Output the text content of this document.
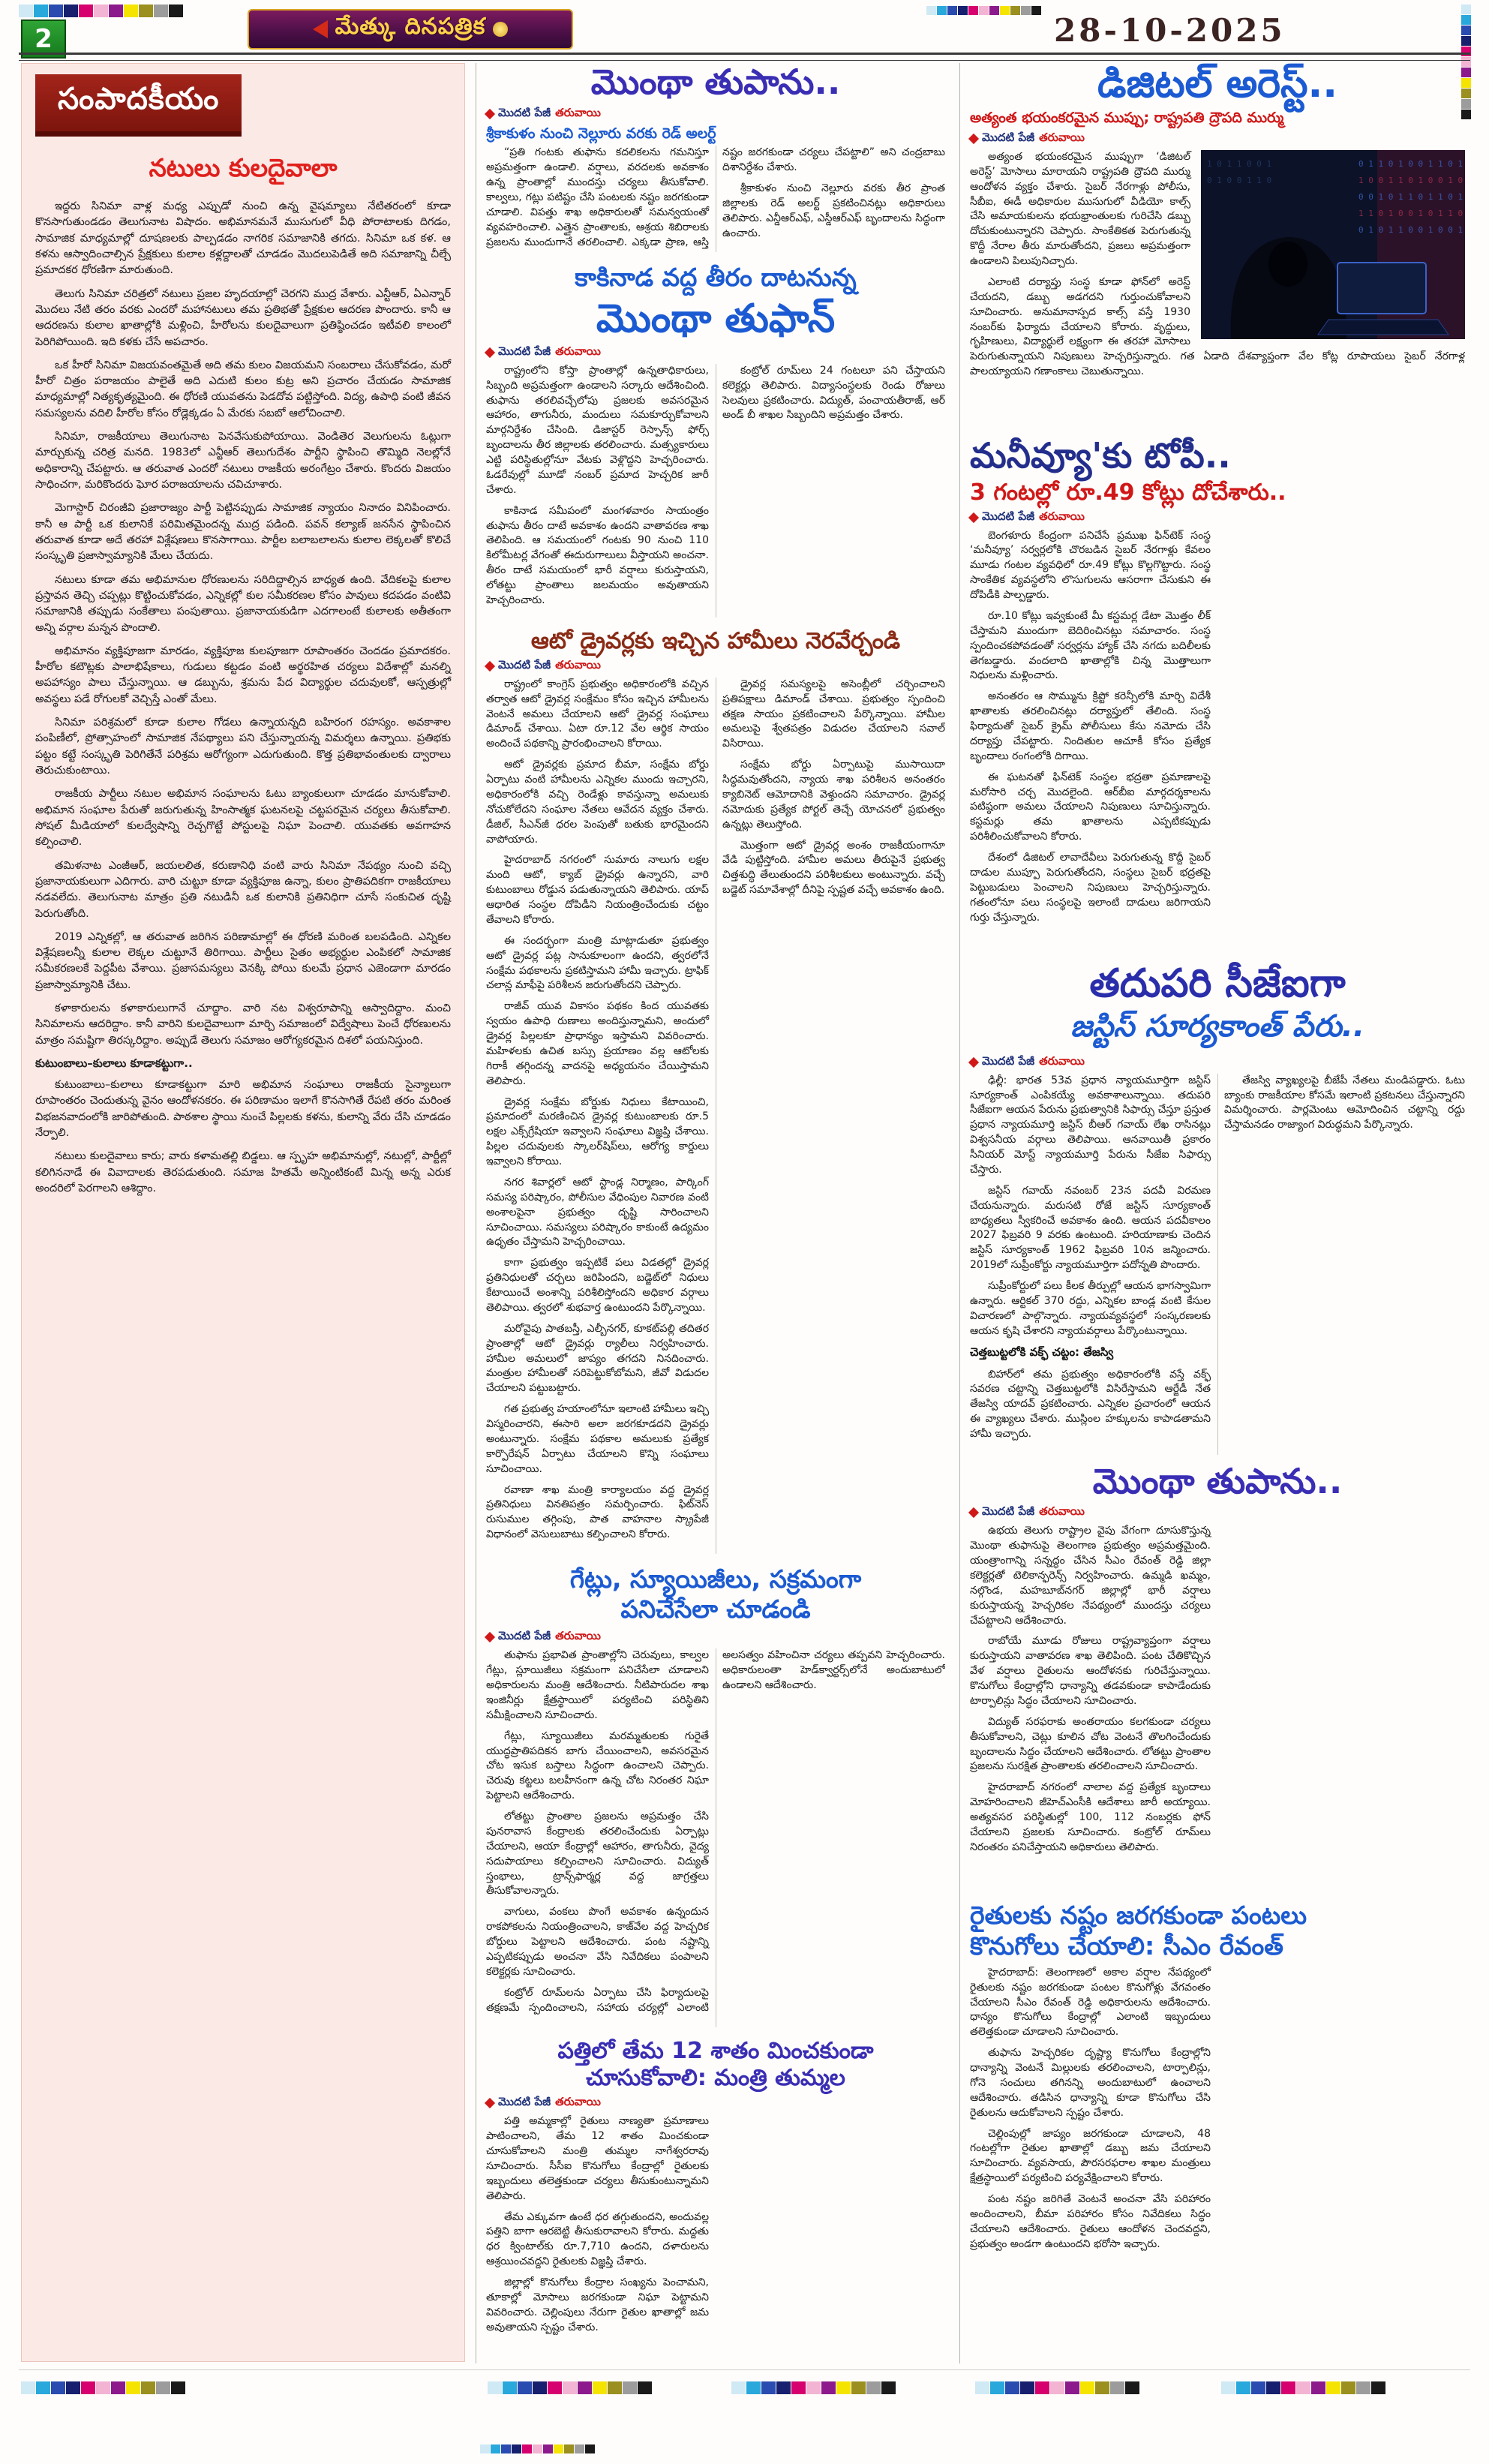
2	మేత్కు దినపత్రిక	28-10-2025
సంపాదకీయం
నటులు కులదైవాలా

ఇద్దరు సినిమా వాళ్ల మధ్య ఎప్పుడో నుంచి ఉన్న వైషమ్యాలు నేటితరంలో కూడా కొనసాగుతుండడం తెలుగునాట విషాదం. అభిమానమనే ముసుగులో వీధి పోరాటాలకు దిగడం, సామాజిక మాధ్యమాల్లో దూషణలకు పాల్పడడం నాగరిక సమాజానికి తగదు. సినిమా ఒక కళ. ఆ కళను ఆస్వాదించాల్సిన ప్రేక్షకులు కులాల కళ్లద్దాలతో చూడడం మొదలుపెడితే అది సమాజాన్ని చీల్చే ప్రమాదకర ధోరణిగా మారుతుంది.

తెలుగు సినిమా చరిత్రలో నటులు ప్రజల హృదయాల్లో చెరగని ముద్ర వేశారు. ఎన్టీఆర్, ఏఎన్నార్ మొదలు నేటి తరం వరకు ఎందరో మహానటులు తమ ప్రతిభతో ప్రేక్షకుల ఆదరణ పొందారు. కానీ ఆ ఆదరణను కులాల ఖాతాల్లోకి మళ్లించి, హీరోలను కులదైవాలుగా ప్రతిష్ఠించడం ఇటీవలి కాలంలో పెరిగిపోయింది. ఇది కళకు చేసే అపచారం.

ఒక హీరో సినిమా విజయవంతమైతే అది తమ కులం విజయమని సంబరాలు చేసుకోవడం, మరో హీరో చిత్రం పరాజయం పాలైతే అది ఎదుటి కులం కుట్ర అని ప్రచారం చేయడం సామాజిక మాధ్యమాల్లో నిత్యకృత్యమైంది. ఈ ధోరణి యువతను పెడదోవ పట్టిస్తోంది. విద్య, ఉపాధి వంటి జీవన సమస్యలను వదిలి హీరోల కోసం రోడ్లెక్కడం ఏ మేరకు సబబో ఆలోచించాలి.

సినిమా, రాజకీయాలు తెలుగునాట పెనవేసుకుపోయాయి. వెండితెర వెలుగులను ఓట్లుగా మార్చుకున్న చరిత్ర మనది. 1983లో ఎన్టీఆర్ తెలుగుదేశం పార్టీని స్థాపించి తొమ్మిది నెలల్లోనే అధికారాన్ని చేపట్టారు. ఆ తరువాత ఎందరో నటులు రాజకీయ అరంగేట్రం చేశారు. కొందరు విజయం సాధించగా, మరికొందరు ఘోర పరాజయాలను చవిచూశారు.

మెగాస్టార్ చిరంజీవి ప్రజారాజ్యం పార్టీ పెట్టినప్పుడు సామాజిక న్యాయం నినాదం వినిపించారు. కానీ ఆ పార్టీ ఒక కులానికే పరిమితమైందన్న ముద్ర పడింది. పవన్ కల్యాణ్ జనసేన స్థాపించిన తరువాత కూడా అదే తరహా విశ్లేషణలు కొనసాగాయి. పార్టీల బలాబలాలను కులాల లెక్కలతో కొలిచే సంస్కృతి ప్రజాస్వామ్యానికి మేలు చేయదు.

నటులు కూడా తమ అభిమానుల ధోరణులను సరిదిద్దాల్సిన బాధ్యత ఉంది. వేదికలపై కులాల ప్రస్తావన తెచ్చి చప్పట్లు కొట్టించుకోవడం, ఎన్నికల్లో కుల సమీకరణల కోసం పావులు కదపడం వంటివి సమాజానికి తప్పుడు సంకేతాలు పంపుతాయి. ప్రజానాయకుడిగా ఎదగాలంటే కులాలకు అతీతంగా అన్ని వర్గాల మన్నన పొందాలి.

అభిమానం వ్యక్తిపూజగా మారడం, వ్యక్తిపూజ కులపూజగా రూపాంతరం చెందడం ప్రమాదకరం. హీరోల కటౌట్లకు పాలాభిషేకాలు, గుడులు కట్టడం వంటి అర్థరహిత చర్యలు విదేశాల్లో మనల్ని అపహాస్యం పాలు చేస్తున్నాయి. ఆ డబ్బును, శ్రమను పేద విద్యార్థుల చదువులకో, ఆస్పత్రుల్లో అవస్థలు పడే రోగులకో వెచ్చిస్తే ఎంతో మేలు.

సినిమా పరిశ్రమలో కూడా కులాల గోడలు ఉన్నాయన్నది బహిరంగ రహస్యం. అవకాశాల పంపిణీలో, ప్రోత్సాహంలో సామాజిక నేపథ్యాలు పని చేస్తున్నాయన్న విమర్శలు ఉన్నాయి. ప్రతిభకు పట్టం కట్టే సంస్కృతి పెరిగితేనే పరిశ్రమ ఆరోగ్యంగా ఎదుగుతుంది. కొత్త ప్రతిభావంతులకు ద్వారాలు తెరుచుకుంటాయి.

రాజకీయ పార్టీలు నటుల అభిమాన సంఘాలను ఓటు బ్యాంకులుగా చూడడం మానుకోవాలి. అభిమాన సంఘాల పేరుతో జరుగుతున్న హింసాత్మక ఘటనలపై చట్టపరమైన చర్యలు తీసుకోవాలి. సోషల్ మీడియాలో కులద్వేషాన్ని రెచ్చగొట్టే పోస్టులపై నిఘా పెంచాలి. యువతకు అవగాహన కల్పించాలి.

తమిళనాట ఎంజీఆర్, జయలలిత, కరుణానిధి వంటి వారు సినిమా నేపథ్యం నుంచి వచ్చి ప్రజానాయకులుగా ఎదిగారు. వారి చుట్టూ కూడా వ్యక్తిపూజ ఉన్నా, కులం ప్రాతిపదికగా రాజకీయాలు నడవలేదు. తెలుగునాట మాత్రం ప్రతి నటుడినీ ఒక కులానికి ప్రతినిధిగా చూసే సంకుచిత దృష్టి పెరుగుతోంది.

2019 ఎన్నికల్లో, ఆ తరువాత జరిగిన పరిణామాల్లో ఈ ధోరణి మరింత బలపడింది. ఎన్నికల విశ్లేషణలన్నీ కులాల లెక్కల చుట్టూనే తిరిగాయి. పార్టీలు సైతం అభ్యర్థుల ఎంపికలో సామాజిక సమీకరణలకే పెద్దపీట వేశాయి. ప్రజాసమస్యలు వెనక్కి పోయి కులమే ప్రధాన ఎజెండాగా మారడం ప్రజాస్వామ్యానికి చేటు.

కళాకారులను కళాకారులుగానే చూద్దాం. వారి నట విశ్వరూపాన్ని ఆస్వాదిద్దాం. మంచి సినిమాలను ఆదరిద్దాం. కానీ వారిని కులదైవాలుగా మార్చి సమాజంలో విద్వేషాలు పెంచే ధోరణులను మాత్రం సమష్టిగా తిరస్కరిద్దాం. అప్పుడే తెలుగు సమాజం ఆరోగ్యకరమైన దిశలో పయనిస్తుంది.

కుటుంబాలు–కులాలు కూడాకట్టుగా..

కుటుంబాలు–కులాలు కూడాకట్టుగా మారి అభిమాన సంఘాలు రాజకీయ సైన్యాలుగా రూపాంతరం చెందుతున్న వైనం ఆందోళనకరం. ఈ పరిణామం ఇలాగే కొనసాగితే రేపటి తరం మరింత విభజనవాదంలోకి జారిపోతుంది. పాఠశాల స్థాయి నుంచే పిల్లలకు కళను, కులాన్ని వేరు చేసి చూడడం నేర్పాలి.

నటులు కులదైవాలు కారు; వారు కళామతల్లి బిడ్డలు. ఆ స్పృహ అభిమానుల్లో, నటుల్లో, పార్టీల్లో కలిగిననాడే ఈ వివాదాలకు తెరపడుతుంది. సమాజ హితమే అన్నింటికంటే మిన్న అన్న ఎరుక అందరిలో పెరగాలని ఆశిద్దాం.

మొంథా తుపాను..
మొదటి పేజీ తరువాయి
శ్రీకాకుళం నుంచి నెల్లూరు వరకు రెడ్ అలర్ట్

“ప్రతి గంటకు తుఫాను కదలికలను గమనిస్తూ అప్రమత్తంగా ఉండాలి. వర్షాలు, వరదలకు అవకాశం ఉన్న ప్రాంతాల్లో ముందస్తు చర్యలు తీసుకోవాలి. కాల్వలు, గట్లు పటిష్టం చేసి పంటలకు నష్టం జరగకుండా చూడాలి. విపత్తు శాఖ అధికారులతో సమన్వయంతో వ్యవహరించాలి. ఎత్తైన ప్రాంతాలకు, ఆశ్రయ శిబిరాలకు ప్రజలను ముందుగానే తరలించాలి. ఎక్కడా ప్రాణ, ఆస్తి నష్టం జరగకుండా చర్యలు చేపట్టాలి” అని చంద్రబాబు దిశానిర్దేశం చేశారు.

శ్రీకాకుళం నుంచి నెల్లూరు వరకు తీర ప్రాంత జిల్లాలకు రెడ్ అలర్ట్ ప్రకటించినట్లు అధికారులు తెలిపారు. ఎన్డీఆర్ఎఫ్, ఎస్డీఆర్ఎఫ్ బృందాలను సిద్ధంగా ఉంచారు.

కాకినాడ వద్ద తీరం దాటనున్న
మొంథా తుఫాన్
మొదటి పేజీ తరువాయి

రాష్ట్రంలోని కోస్తా ప్రాంతాల్లో ఉన్నతాధికారులు, సిబ్బంది అప్రమత్తంగా ఉండాలని సర్కారు ఆదేశించింది. తుఫాను తరలివచ్చేలోపు ప్రజలకు అవసరమైన ఆహారం, తాగునీరు, మందులు సమకూర్చుకోవాలని మార్గనిర్దేశం చేసింది. డిజాస్టర్ రెస్పాన్స్ ఫోర్స్ బృందాలను తీర జిల్లాలకు తరలించారు. మత్స్యకారులు ఎట్టి పరిస్థితుల్లోనూ వేటకు వెళ్లొద్దని హెచ్చరించారు. ఓడరేవుల్లో మూడో నంబర్ ప్రమాద హెచ్చరిక జారీ చేశారు.

కాకినాడ సమీపంలో మంగళవారం సాయంత్రం తుఫాను తీరం దాటే అవకాశం ఉందని వాతావరణ శాఖ తెలిపింది. ఆ సమయంలో గంటకు 90 నుంచి 110 కిలోమీటర్ల వేగంతో ఈదురుగాలులు వీస్తాయని అంచనా. తీరం దాటే సమయంలో భారీ వర్షాలు కురుస్తాయని, లోతట్టు ప్రాంతాలు జలమయం అవుతాయని హెచ్చరించారు.

కంట్రోల్ రూమ్‌లు 24 గంటలూ పని చేస్తాయని కలెక్టర్లు తెలిపారు. విద్యాసంస్థలకు రెండు రోజులు సెలవులు ప్రకటించారు. విద్యుత్, పంచాయతీరాజ్, ఆర్ అండ్ బీ శాఖల సిబ్బందిని అప్రమత్తం చేశారు.

ఆటో డ్రైవర్లకు ఇచ్చిన హామీలు నెరవేర్చండి
మొదటి పేజీ తరువాయి

రాష్ట్రంలో కాంగ్రెస్ ప్రభుత్వం అధికారంలోకి వచ్చిన తర్వాత ఆటో డ్రైవర్ల సంక్షేమం కోసం ఇచ్చిన హామీలను వెంటనే అమలు చేయాలని ఆటో డ్రైవర్ల సంఘాలు డిమాండ్ చేశాయి. ఏటా రూ.12 వేల ఆర్థిక సాయం అందించే పథకాన్ని ప్రారంభించాలని కోరాయి.

ఆటో డ్రైవర్లకు ప్రమాద బీమా, సంక్షేమ బోర్డు ఏర్పాటు వంటి హామీలను ఎన్నికల ముందు ఇచ్చారని, అధికారంలోకి వచ్చి రెండేళ్లు కావస్తున్నా అమలుకు నోచుకోలేదని సంఘాల నేతలు ఆవేదన వ్యక్తం చేశారు. డీజిల్, సీఎన్‌జీ ధరల పెంపుతో బతుకు భారమైందని వాపోయారు.

హైదరాబాద్ నగరంలో సుమారు నాలుగు లక్షల మంది ఆటో, క్యాబ్ డ్రైవర్లు ఉన్నారని, వారి కుటుంబాలు రోడ్డున పడుతున్నాయని తెలిపారు. యాప్ ఆధారిత సంస్థల దోపిడీని నియంత్రించేందుకు చట్టం తేవాలని కోరారు.

ఈ సందర్భంగా మంత్రి మాట్లాడుతూ ప్రభుత్వం ఆటో డ్రైవర్ల పట్ల సానుకూలంగా ఉందని, త్వరలోనే సంక్షేమ పథకాలను ప్రకటిస్తామని హామీ ఇచ్చారు. ట్రాఫిక్ చలాన్ల మాఫీపై పరిశీలన జరుగుతోందని చెప్పారు.

రాజీవ్ యువ వికాసం పథకం కింద యువతకు స్వయం ఉపాధి రుణాలు అందిస్తున్నామని, అందులో డ్రైవర్ల పిల్లలకూ ప్రాధాన్యం ఇస్తామని వివరించారు. మహిళలకు ఉచిత బస్సు ప్రయాణం వల్ల ఆటోలకు గిరాకీ తగ్గిందన్న వాదనపై అధ్యయనం చేయిస్తామని తెలిపారు.

డ్రైవర్ల సంక్షేమ బోర్డుకు నిధులు కేటాయించి, ప్రమాదంలో మరణించిన డ్రైవర్ల కుటుంబాలకు రూ.5 లక్షల ఎక్స్‌గ్రేషియా ఇవ్వాలని సంఘాలు విజ్ఞప్తి చేశాయి. పిల్లల చదువులకు స్కాలర్‌షిప్‌లు, ఆరోగ్య కార్డులు ఇవ్వాలని కోరాయి.

నగర శివార్లలో ఆటో స్టాండ్ల నిర్మాణం, పార్కింగ్ సమస్య పరిష్కారం, పోలీసుల వేధింపుల నివారణ వంటి అంశాలపైనా ప్రభుత్వం దృష్టి సారించాలని సూచించాయి. సమస్యలు పరిష్కారం కాకుంటే ఉద్యమం ఉధృతం చేస్తామని హెచ్చరించాయి.

కాగా ప్రభుత్వం ఇప్పటికే పలు విడతల్లో డ్రైవర్ల ప్రతినిధులతో చర్చలు జరిపిందని, బడ్జెట్‌లో నిధులు కేటాయించే అంశాన్ని పరిశీలిస్తోందని అధికార వర్గాలు తెలిపాయి. త్వరలో శుభవార్త ఉంటుందని పేర్కొన్నాయి.

మరోవైపు పాతబస్తీ, ఎల్బీనగర్, కూకట్‌పల్లి తదితర ప్రాంతాల్లో ఆటో డ్రైవర్లు ర్యాలీలు నిర్వహించారు. హామీల అమలులో జాప్యం తగదని నినదించారు. మంత్రుల హామీలతో సరిపెట్టుకోబోమని, జీవో విడుదల చేయాలని పట్టుబట్టారు.

గత ప్రభుత్వ హయాంలోనూ ఇలాంటి హామీలు ఇచ్చి విస్మరించారని, ఈసారి అలా జరగకూడదని డ్రైవర్లు అంటున్నారు. సంక్షేమ పథకాల అమలుకు ప్రత్యేక కార్పొరేషన్ ఏర్పాటు చేయాలని కొన్ని సంఘాలు సూచించాయి.

రవాణా శాఖ మంత్రి కార్యాలయం వద్ద డ్రైవర్ల ప్రతినిధులు వినతిపత్రం సమర్పించారు. ఫిట్‌నెస్ రుసుముల తగ్గింపు, పాత వాహనాల స్క్రాపేజీ విధానంలో వెసులుబాటు కల్పించాలని కోరారు.

డ్రైవర్ల సమస్యలపై అసెంబ్లీలో చర్చించాలని ప్రతిపక్షాలు డిమాండ్ చేశాయి. ప్రభుత్వం స్పందించి తక్షణ సాయం ప్రకటించాలని పేర్కొన్నాయి. హామీల అమలుపై శ్వేతపత్రం విడుదల చేయాలని సవాల్ విసిరాయి.

సంక్షేమ బోర్డు ఏర్పాటుపై ముసాయిదా సిద్ధమవుతోందని, న్యాయ శాఖ పరిశీలన అనంతరం క్యాబినెట్ ఆమోదానికి వెళ్తుందని సమాచారం. డ్రైవర్ల నమోదుకు ప్రత్యేక పోర్టల్ తెచ్చే యోచనలో ప్రభుత్వం ఉన్నట్లు తెలుస్తోంది.

మొత్తంగా ఆటో డ్రైవర్ల అంశం రాజకీయంగానూ వేడి పుట్టిస్తోంది. హామీల అమలు తీరుపైనే ప్రభుత్వ చిత్తశుద్ధి తేలుతుందని పరిశీలకులు అంటున్నారు. వచ్చే బడ్జెట్ సమావేశాల్లో దీనిపై స్పష్టత వచ్చే అవకాశం ఉంది.

గేట్లు, స్యూయిజీలు, సక్రమంగా
పనిచేసేలా చూడండి
మొదటి పేజీ తరువాయి

తుఫాను ప్రభావిత ప్రాంతాల్లోని చెరువులు, కాల్వల గేట్లు, స్లూయిజీలు సక్రమంగా పనిచేసేలా చూడాలని అధికారులను మంత్రి ఆదేశించారు. నీటిపారుదల శాఖ ఇంజినీర్లు క్షేత్రస్థాయిలో పర్యటించి పరిస్థితిని సమీక్షించాలని సూచించారు.

గేట్లు, స్యూయిజీలు మరమ్మతులకు గురైతే యుద్ధప్రాతిపదికన బాగు చేయించాలని, అవసరమైన చోట ఇసుక బస్తాలు సిద్ధంగా ఉంచాలని చెప్పారు. చెరువు కట్టలు బలహీనంగా ఉన్న చోట నిరంతర నిఘా పెట్టాలని ఆదేశించారు.

లోతట్టు ప్రాంతాల ప్రజలను అప్రమత్తం చేసి పునరావాస కేంద్రాలకు తరలించేందుకు ఏర్పాట్లు చేయాలని, ఆయా కేంద్రాల్లో ఆహారం, తాగునీరు, వైద్య సదుపాయాలు కల్పించాలని సూచించారు. విద్యుత్ స్తంభాలు, ట్రాన్స్‌ఫార్మర్ల వద్ద జాగ్రత్తలు తీసుకోవాలన్నారు.

వాగులు, వంకలు పొంగే అవకాశం ఉన్నందున రాకపోకలను నియంత్రించాలని, కాజ్‌వేల వద్ద హెచ్చరిక బోర్డులు పెట్టాలని ఆదేశించారు. పంట నష్టాన్ని ఎప్పటికప్పుడు అంచనా వేసి నివేదికలు పంపాలని కలెక్టర్లకు సూచించారు.

కంట్రోల్ రూమ్‌లను ఏర్పాటు చేసి ఫిర్యాదులపై తక్షణమే స్పందించాలని, సహాయ చర్యల్లో ఎలాంటి అలసత్వం వహించినా చర్యలు తప్పవని హెచ్చరించారు. అధికారులంతా హెడ్‌క్వార్టర్స్‌లోనే అందుబాటులో ఉండాలని ఆదేశించారు.

పత్తిలో తేమ 12 శాతం మించకుండా
చూసుకోవాలి: మంత్రి తుమ్మల
మొదటి పేజీ తరువాయి

పత్తి అమ్మకాల్లో రైతులు నాణ్యతా ప్రమాణాలు పాటించాలని, తేమ 12 శాతం మించకుండా చూసుకోవాలని మంత్రి తుమ్మల నాగేశ్వరరావు సూచించారు. సీసీఐ కొనుగోలు కేంద్రాల్లో రైతులకు ఇబ్బందులు తలెత్తకుండా చర్యలు తీసుకుంటున్నామని తెలిపారు.

తేమ ఎక్కువగా ఉంటే ధర తగ్గుతుందని, అందువల్ల పత్తిని బాగా ఆరబెట్టి తీసుకురావాలని కోరారు. మద్దతు ధర క్వింటాల్‌కు రూ.7,710 ఉందని, దళారులను ఆశ్రయించవద్దని రైతులకు విజ్ఞప్తి చేశారు.

జిల్లాల్లో కొనుగోలు కేంద్రాల సంఖ్యను పెంచామని, తూకాల్లో మోసాలు జరగకుండా నిఘా పెట్టామని వివరించారు. చెల్లింపులు నేరుగా రైతుల ఖాతాల్లో జమ అవుతాయని స్పష్టం చేశారు.

డిజిటల్ అరెస్ట్..
అత్యంత భయంకరమైన ముప్పు; రాష్ట్రపతి ద్రౌపది ముర్ము
మొదటి పేజీ తరువాయి
0 1 1 0 1 0 0 1 1 0 1
1 0 0 1 1 0 1 0 0 1 0
0 0 1 0 1 1 0 1 1 0 1
1 1 0 1 0 0 1 0 1 1 0
0 1 0 1 1 0 0 1 0 0 1
1 0 1 1 0 0 1
0 1 0 0 1 1 0

అత్యంత భయంకరమైన ముప్పుగా ‘డిజిటల్ అరెస్ట్’ మోసాలు మారాయని రాష్ట్రపతి ద్రౌపది ముర్ము ఆందోళన వ్యక్తం చేశారు. సైబర్ నేరగాళ్లు పోలీసు, సీబీఐ, ఈడీ అధికారుల ముసుగులో వీడియో కాల్స్ చేసి అమాయకులను భయభ్రాంతులకు గురిచేసి డబ్బు దోచుకుంటున్నారని చెప్పారు. సాంకేతికత పెరుగుతున్న కొద్దీ నేరాల తీరు మారుతోందని, ప్రజలు అప్రమత్తంగా ఉండాలని పిలుపునిచ్చారు.

ఎలాంటి దర్యాప్తు సంస్థ కూడా ఫోన్‌లో అరెస్ట్ చేయదని, డబ్బు అడగదని గుర్తుంచుకోవాలని సూచించారు. అనుమానాస్పద కాల్స్ వస్తే 1930 నంబర్‌కు ఫిర్యాదు చేయాలని కోరారు. వృద్ధులు, గృహిణులు, విద్యార్థులే లక్ష్యంగా ఈ తరహా మోసాలు పెరుగుతున్నాయని నిపుణులు హెచ్చరిస్తున్నారు. గత ఏడాది దేశవ్యాప్తంగా వేల కోట్ల రూపాయలు సైబర్ నేరగాళ్ల పాలయ్యాయని గణాంకాలు చెబుతున్నాయి.

మనీవ్యూ'కు టోపీ..
3 గంటల్లో రూ.49 కోట్లు దోచేశారు..
మొదటి పేజీ తరువాయి

బెంగళూరు కేంద్రంగా పనిచేసే ప్రముఖ ఫిన్‌టెక్ సంస్థ ‘మనీవ్యూ’ సర్వర్లలోకి చొరబడిన సైబర్ నేరగాళ్లు కేవలం మూడు గంటల వ్యవధిలో రూ.49 కోట్లు కొల్లగొట్టారు. సంస్థ సాంకేతిక వ్యవస్థలోని లొసుగులను ఆసరాగా చేసుకుని ఈ దోపిడీకి పాల్పడ్డారు.

రూ.10 కోట్లు ఇవ్వకుంటే మీ కస్టమర్ల డేటా మొత్తం లీక్ చేస్తామని ముందుగా బెదిరించినట్లు సమాచారం. సంస్థ స్పందించకపోవడంతో సర్వర్లను హ్యాక్ చేసి నగదు బదిలీలకు తెగబడ్డారు. వందలాది ఖాతాల్లోకి చిన్న మొత్తాలుగా నిధులను మళ్లించారు.

అనంతరం ఆ సొమ్మును క్రిప్టో కరెన్సీలోకి మార్చి విదేశీ ఖాతాలకు తరలించినట్లు దర్యాప్తులో తేలింది. సంస్థ ఫిర్యాదుతో సైబర్ క్రైమ్ పోలీసులు కేసు నమోదు చేసి దర్యాప్తు చేపట్టారు. నిందితుల ఆచూకీ కోసం ప్రత్యేక బృందాలు రంగంలోకి దిగాయి.

ఈ ఘటనతో ఫిన్‌టెక్ సంస్థల భద్రతా ప్రమాణాలపై మరోసారి చర్చ మొదలైంది. ఆర్‌బీఐ మార్గదర్శకాలను పటిష్ఠంగా అమలు చేయాలని నిపుణులు సూచిస్తున్నారు. కస్టమర్లు తమ ఖాతాలను ఎప్పటికప్పుడు పరిశీలించుకోవాలని కోరారు.

దేశంలో డిజిటల్ లావాదేవీలు పెరుగుతున్న కొద్దీ సైబర్ దాడుల ముప్పూ పెరుగుతోందని, సంస్థలు సైబర్ భద్రతపై పెట్టుబడులు పెంచాలని నిపుణులు హెచ్చరిస్తున్నారు. గతంలోనూ పలు సంస్థలపై ఇలాంటి దాడులు జరిగాయని గుర్తు చేస్తున్నారు.

తదుపరి సీజేఐగా
జస్టిస్ సూర్యకాంత్ పేరు..
మొదటి పేజీ తరువాయి

ఢిల్లీ: భారత 53వ ప్రధాన న్యాయమూర్తిగా జస్టిస్ సూర్యకాంత్ ఎంపికయ్యే అవకాశాలున్నాయి. తదుపరి సీజేఐగా ఆయన పేరును ప్రభుత్వానికి సిఫార్సు చేస్తూ ప్రస్తుత ప్రధాన న్యాయమూర్తి జస్టిస్ బీఆర్ గవాయ్ లేఖ రాసినట్లు విశ్వసనీయ వర్గాలు తెలిపాయి. ఆనవాయితీ ప్రకారం సీనియర్ మోస్ట్ న్యాయమూర్తి పేరును సీజేఐ సిఫార్సు చేస్తారు.

జస్టిస్ గవాయ్ నవంబర్ 23న పదవీ విరమణ చేయనున్నారు. మరుసటి రోజే జస్టిస్ సూర్యకాంత్ బాధ్యతలు స్వీకరించే అవకాశం ఉంది. ఆయన పదవీకాలం 2027 ఫిబ్రవరి 9 వరకు ఉంటుంది. హరియాణాకు చెందిన జస్టిస్ సూర్యకాంత్ 1962 ఫిబ్రవరి 10న జన్మించారు. 2019లో సుప్రీంకోర్టు న్యాయమూర్తిగా పదోన్నతి పొందారు.

సుప్రీంకోర్టులో పలు కీలక తీర్పుల్లో ఆయన భాగస్వామిగా ఉన్నారు. ఆర్టికల్ 370 రద్దు, ఎన్నికల బాండ్ల వంటి కేసుల విచారణలో పాల్గొన్నారు. న్యాయవ్యవస్థలో సంస్కరణలకు ఆయన కృషి చేశారని న్యాయవర్గాలు పేర్కొంటున్నాయి.

చెత్తబుట్టలోకి వక్ఫ్ చట్టం: తేజస్వి

బిహార్‌లో తమ ప్రభుత్వం అధికారంలోకి వస్తే వక్ఫ్ సవరణ చట్టాన్ని చెత్తబుట్టలోకి విసిరేస్తామని ఆర్జేడీ నేత తేజస్వి యాదవ్ ప్రకటించారు. ఎన్నికల ప్రచారంలో ఆయన ఈ వ్యాఖ్యలు చేశారు. ముస్లింల హక్కులను కాపాడతామని హామీ ఇచ్చారు.

తేజస్వి వ్యాఖ్యలపై బీజేపీ నేతలు మండిపడ్డారు. ఓటు బ్యాంకు రాజకీయాల కోసమే ఇలాంటి ప్రకటనలు చేస్తున్నారని విమర్శించారు. పార్లమెంటు ఆమోదించిన చట్టాన్ని రద్దు చేస్తామనడం రాజ్యాంగ విరుద్ధమని పేర్కొన్నారు.

మొంథా తుపాను..
మొదటి పేజీ తరువాయి

ఉభయ తెలుగు రాష్ట్రాల వైపు వేగంగా దూసుకొస్తున్న మొంథా తుఫానుపై తెలంగాణ ప్రభుత్వం అప్రమత్తమైంది. యంత్రాంగాన్ని సన్నద్ధం చేసిన సీఎం రేవంత్ రెడ్డి జిల్లా కలెక్టర్లతో టెలికాన్ఫరెన్స్ నిర్వహించారు. ఉమ్మడి ఖమ్మం, నల్గొండ, మహబూబ్‌నగర్ జిల్లాల్లో భారీ వర్షాలు కురుస్తాయన్న హెచ్చరికల నేపథ్యంలో ముందస్తు చర్యలు చేపట్టాలని ఆదేశించారు.

రాబోయే మూడు రోజులు రాష్ట్రవ్యాప్తంగా వర్షాలు కురుస్తాయని వాతావరణ శాఖ తెలిపింది. పంట చేతికొచ్చిన వేళ వర్షాలు రైతులను ఆందోళనకు గురిచేస్తున్నాయి. కొనుగోలు కేంద్రాల్లోని ధాన్యాన్ని తడవకుండా కాపాడేందుకు టార్పాలిన్లు సిద్ధం చేయాలని సూచించారు.

విద్యుత్ సరఫరాకు అంతరాయం కలగకుండా చర్యలు తీసుకోవాలని, చెట్లు కూలిన చోట వెంటనే తొలగించేందుకు బృందాలను సిద్ధం చేయాలని ఆదేశించారు. లోతట్టు ప్రాంతాల ప్రజలను సురక్షిత ప్రాంతాలకు తరలించాలని సూచించారు.

హైదరాబాద్ నగరంలో నాలాల వద్ద ప్రత్యేక బృందాలు మోహరించాలని జీహెచ్ఎంసీకి ఆదేశాలు జారీ అయ్యాయి. అత్యవసర పరిస్థితుల్లో 100, 112 నంబర్లకు ఫోన్ చేయాలని ప్రజలకు సూచించారు. కంట్రోల్ రూమ్‌లు నిరంతరం పనిచేస్తాయని అధికారులు తెలిపారు.

రైతులకు నష్టం జరగకుండా పంటలు
కొనుగోలు చేయాలి: సీఎం రేవంత్

హైదరాబాద్: తెలంగాణలో అకాల వర్షాల నేపథ్యంలో రైతులకు నష్టం జరగకుండా పంటల కొనుగోళ్లు వేగవంతం చేయాలని సీఎం రేవంత్ రెడ్డి అధికారులను ఆదేశించారు. ధాన్యం కొనుగోలు కేంద్రాల్లో ఎలాంటి ఇబ్బందులు తలెత్తకుండా చూడాలని సూచించారు.

తుఫాను హెచ్చరికల దృష్ట్యా కొనుగోలు కేంద్రాల్లోని ధాన్యాన్ని వెంటనే మిల్లులకు తరలించాలని, టార్పాలిన్లు, గోనె సంచులు తగినన్ని అందుబాటులో ఉంచాలని ఆదేశించారు. తడిసిన ధాన్యాన్ని కూడా కొనుగోలు చేసి రైతులను ఆదుకోవాలని స్పష్టం చేశారు.

చెల్లింపుల్లో జాప్యం జరగకుండా చూడాలని, 48 గంటల్లోగా రైతుల ఖాతాల్లో డబ్బు జమ చేయాలని సూచించారు. వ్యవసాయ, పౌరసరఫరాల శాఖల మంత్రులు క్షేత్రస్థాయిలో పర్యటించి పర్యవేక్షించాలని కోరారు.

పంట నష్టం జరిగితే వెంటనే అంచనా వేసి పరిహారం అందించాలని, బీమా పరిహారం కోసం నివేదికలు సిద్ధం చేయాలని ఆదేశించారు. రైతులు ఆందోళన చెందవద్దని, ప్రభుత్వం అండగా ఉంటుందని భరోసా ఇచ్చారు.
